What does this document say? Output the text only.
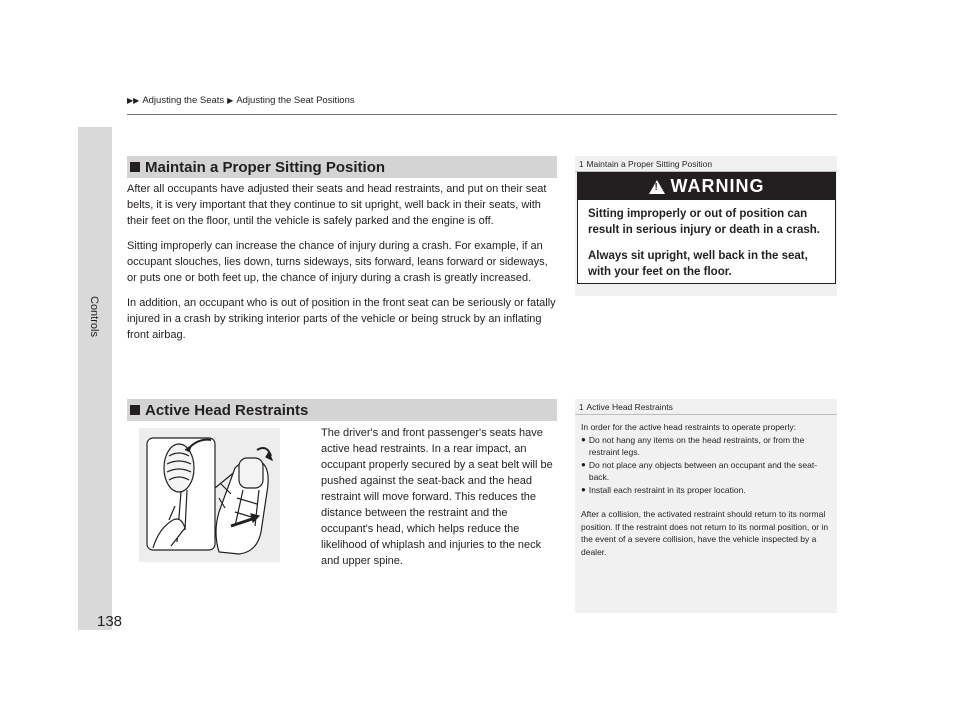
Controls
▶▶ Adjusting the Seats ▶ Adjusting the Seat Positions
Maintain a Proper Sitting Position

After all occupants have adjusted their seats and head restraints, and put on their seat belts, it is very important that they continue to sit upright, well back in their seats, with their feet on the floor, until the vehicle is safely parked and the engine is off.

Sitting improperly can increase the chance of injury during a crash. For example, if an occupant slouches, lies down, turns sideways, sits forward, leans forward or sideways, or puts one or both feet up, the chance of injury during a crash is greatly increased.

In addition, an occupant who is out of position in the front seat can be seriously or fatally injured in a crash by striking interior parts of the vehicle or being struck by an inflating front airbag.

Active Head Restraints

The driver's and front passenger's seats have active head restraints. In a rear impact, an occupant properly secured by a seat belt will be pushed against the seat-back and the head restraint will move forward. This reduces the distance between the restraint and the occupant's head, which helps reduce the likelihood of whiplash and injuries to the neck and upper spine.

1 Maintain a Proper Sitting Position
!
WARNING

Sitting improperly or out of position can result in serious injury or death in a crash.

Always sit upright, well back in the seat, with your feet on the floor.

1 Active Head Restraints
In order for the active head restraints to operate properly:
● Do not hang any items on the head restraints, or from the restraint legs.
● Do not place any objects between an occupant and the seat-back.
● Install each restraint in its proper location.

After a collision, the activated restraint should return to its normal position. If the restraint does not return to its normal position, or in the event of a severe collision, have the vehicle inspected by a dealer.

138
